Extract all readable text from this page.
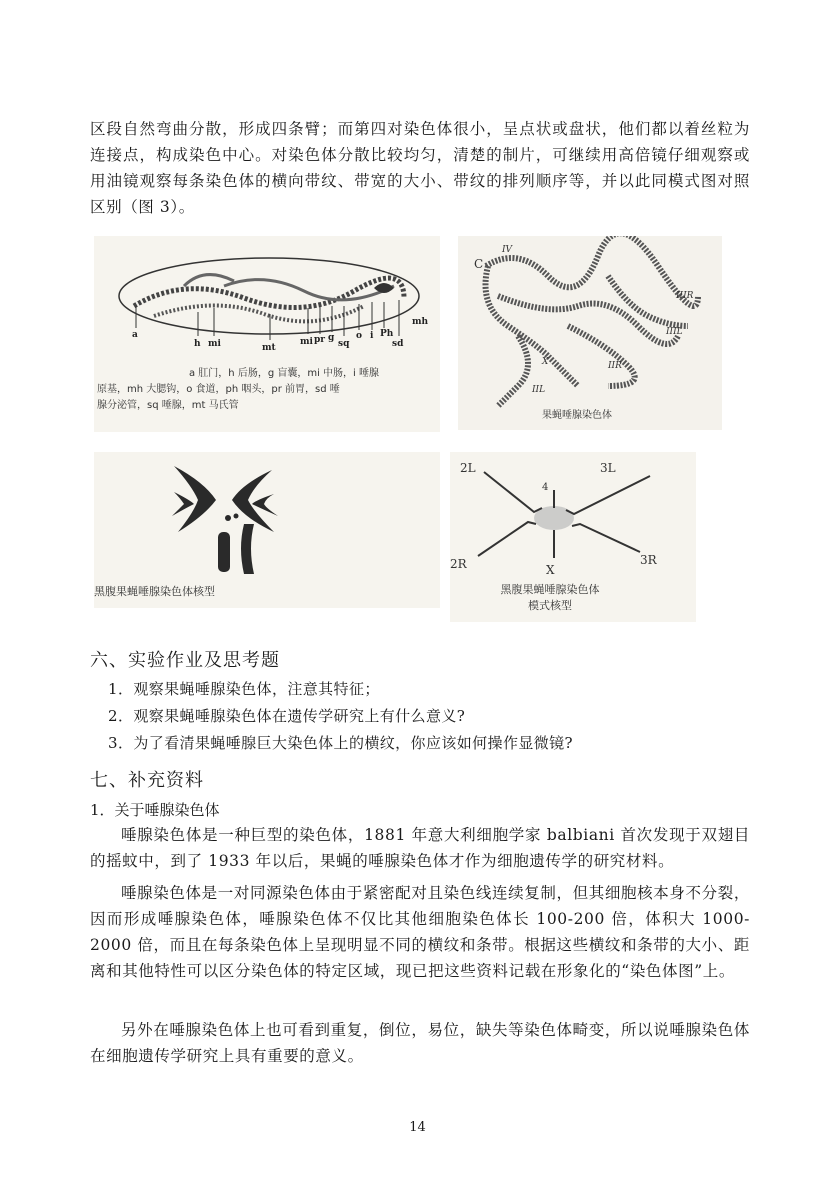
区段自然弯曲分散，形成四条臂；而第四对染色体很小，呈点状或盘状，他们都以着丝粒为连接点，构成染色中心。对染色体分散比较均匀，清楚的制片，可继续用高倍镜仔细观察或用油镜观察每条染色体的横向带纹、带宽的大小、带纹的排列顺序等，并以此同模式图对照区别（图 3）。
a
h mi	mt
mi pr g
sq
o i Ph
sd
mh
a 肛门，h 后肠，g 盲囊，mi 中肠，i 唾腺
原基，mh 大腮钩，o 食道，ph 咽头，pr 前胃，sd 唾
腺分泌管，sq 唾腺，mt 马氏管
IV
C
IIIR
IIIL
X	IIR
IIL
果蝇唾腺染色体
黑腹果蝇唾腺染色体核型
2L	3L
4
2R	X
3R
黑腹果蝇唾腺染色体
模式核型
六、实验作业及思考题
1．观察果蝇唾腺染色体，注意其特征；
2．观察果蝇唾腺染色体在遗传学研究上有什么意义?
3．为了看清果蝇唾腺巨大染色体上的横纹，你应该如何操作显微镜?
七、补充资料
1．关于唾腺染色体
唾腺染色体是一种巨型的染色体，1881 年意大利细胞学家 balbiani 首次发现于双翅目的摇蚊中，到了 1933 年以后，果蝇的唾腺染色体才作为细胞遗传学的研究材料。
唾腺染色体是一对同源染色体由于紧密配对且染色线连续复制，但其细胞核本身不分裂，因而形成唾腺染色体，唾腺染色体不仅比其他细胞染色体长 100-200 倍，体积大 1000-2000 倍，而且在每条染色体上呈现明显不同的横纹和条带。根据这些横纹和条带的大小、距离和其他特性可以区分染色体的特定区域，现已把这些资料记载在形象化的“染色体图”上。
另外在唾腺染色体上也可看到重复，倒位，易位，缺失等染色体畸变，所以说唾腺染色体在细胞遗传学研究上具有重要的意义。
14
